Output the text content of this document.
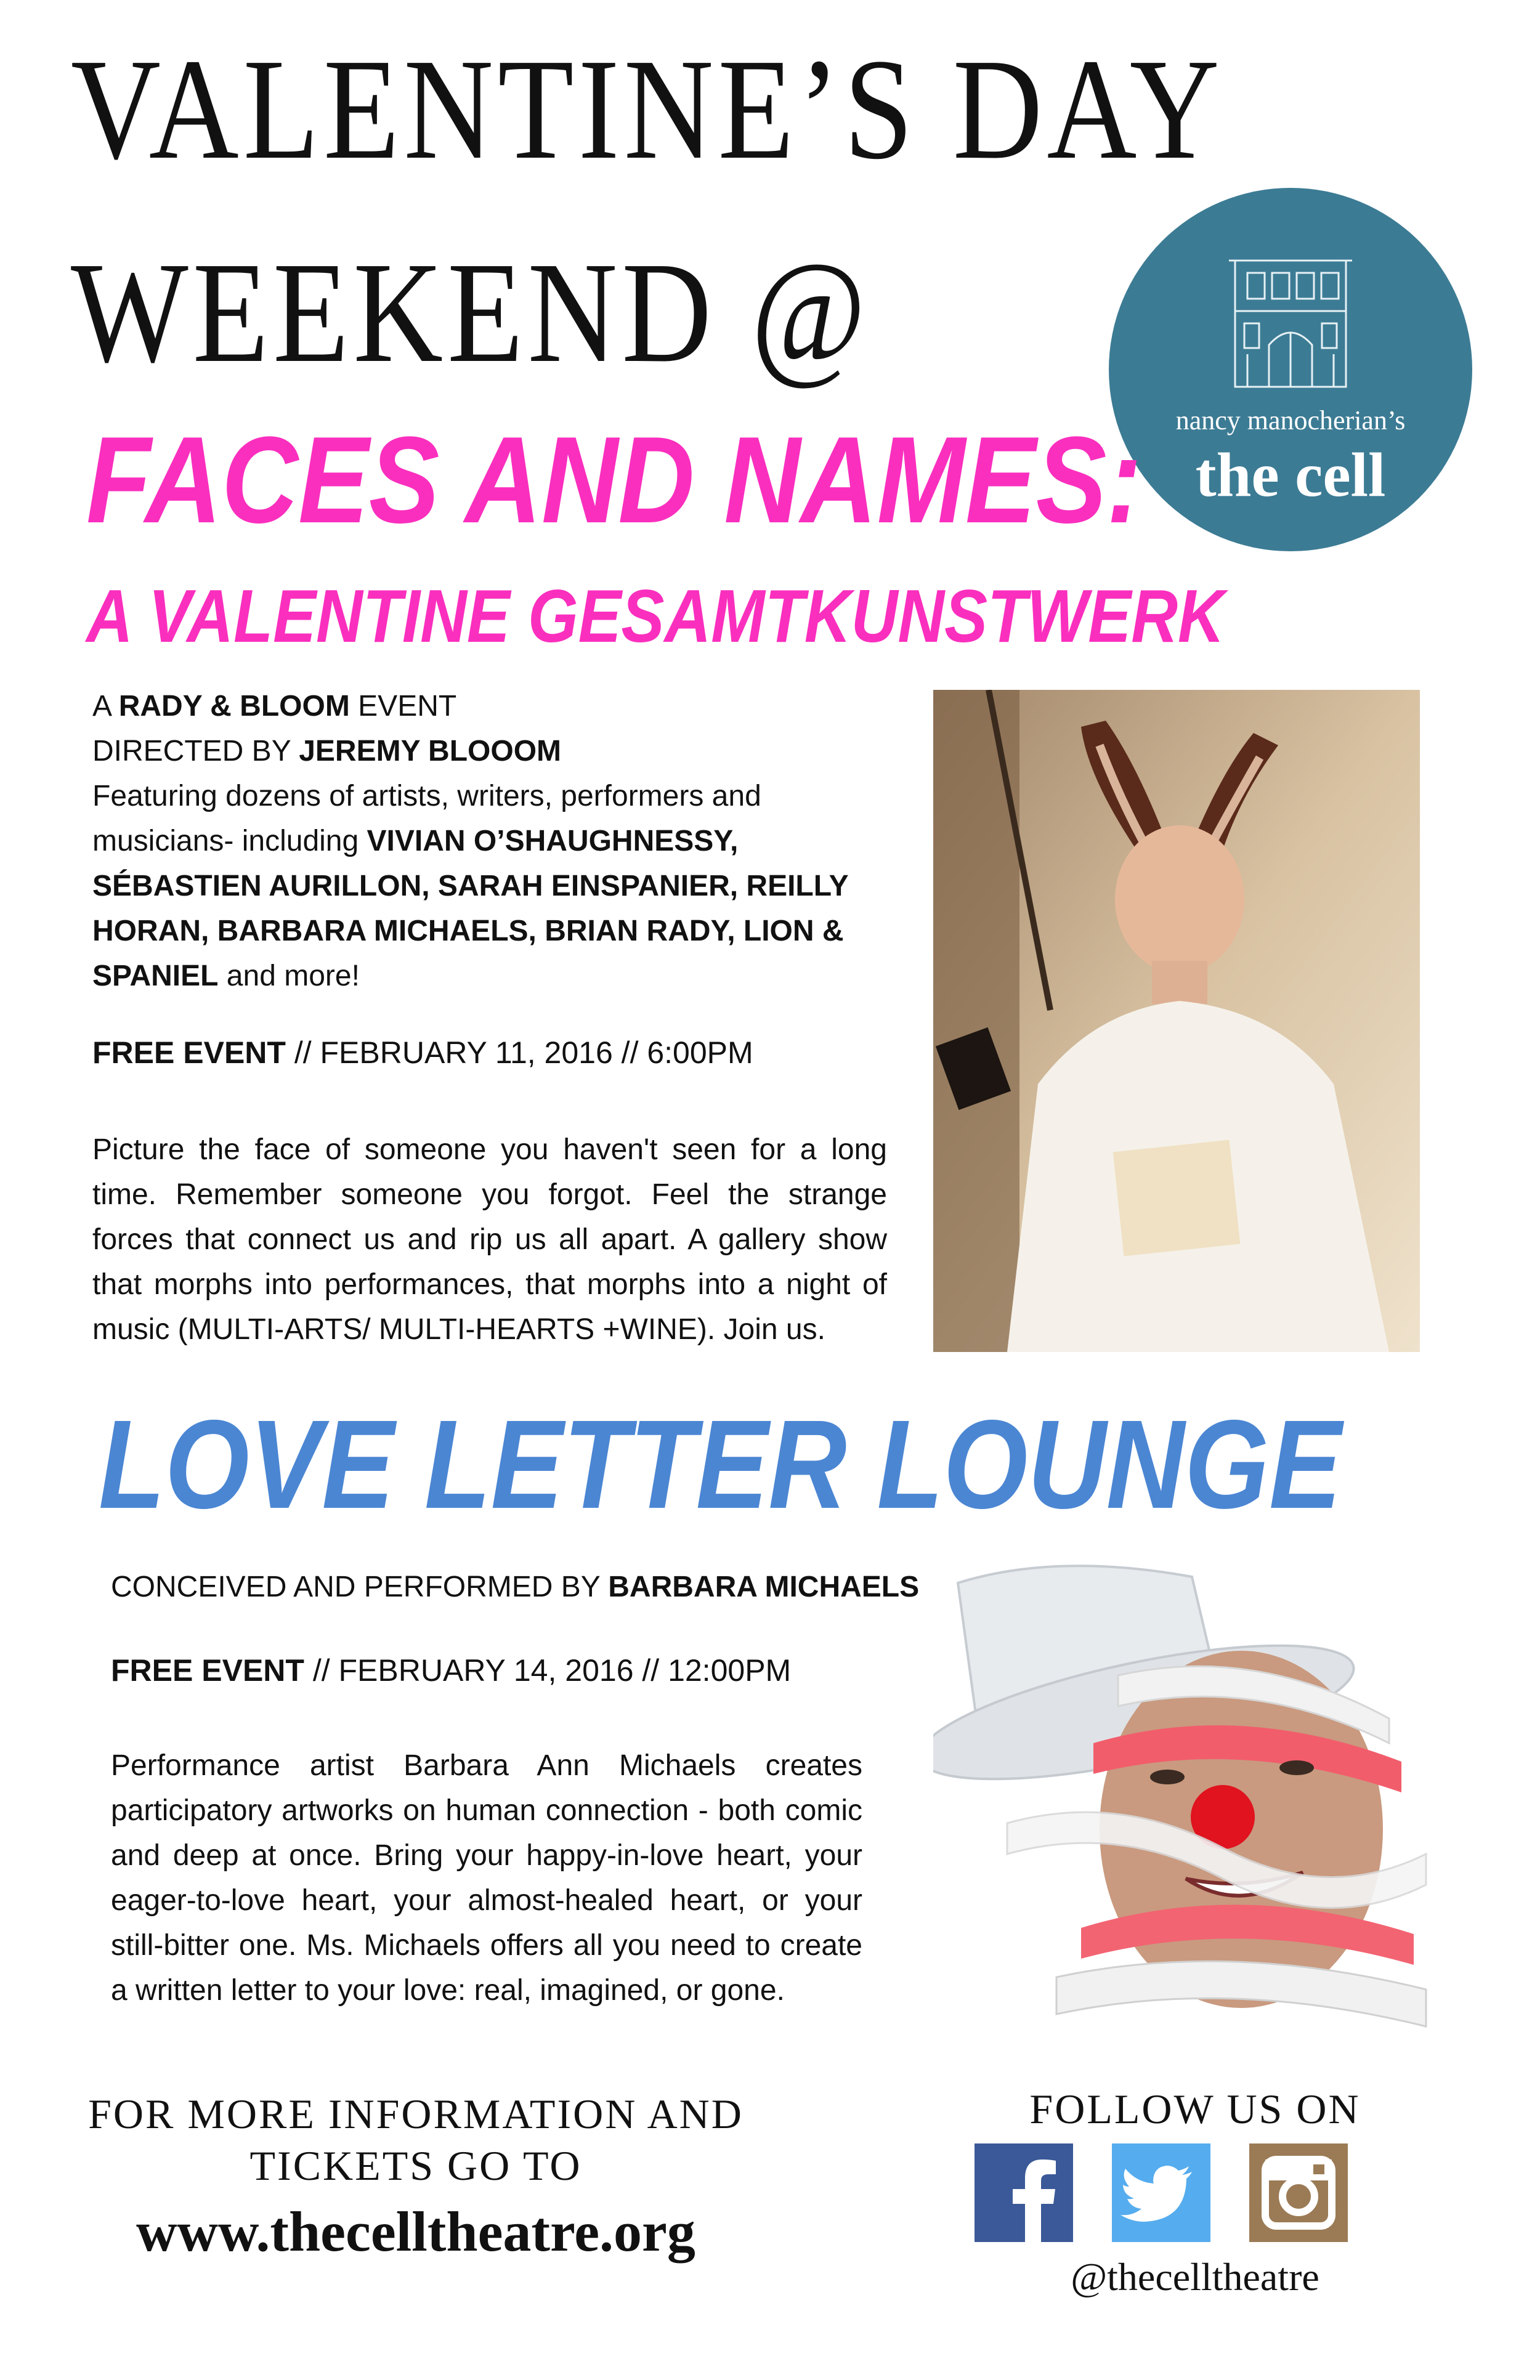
VALENTINE’S DAY
WEEKEND @
nancy manocherian’s
the cell
FACES AND NAMES:
A VALENTINE GESAMTKUNSTWERK
A RADY & BLOOM EVENT
DIRECTED BY JEREMY BLOOOM
Featuring dozens of artists, writers, performers and musicians- including VIVIAN O’SHAUGHNESSY, SÉBASTIEN AURILLON, SARAH EINSPANIER, REILLY HORAN, BARBARA MICHAELS, BRIAN RADY, LION & SPANIEL and more!
FREE EVENT // FEBRUARY 11, 2016 // 6:00PM
Picture the face of someone you haven't seen for a long time. Remember someone you forgot. Feel the strange forces that connect us and rip us all apart. A gallery show that morphs into performances, that morphs into a night of music (MULTI-ARTS/ MULTI-HEARTS +WINE). Join us.
LOVE LETTER LOUNGE
CONCEIVED AND PERFORMED BY BARBARA MICHAELS
FREE EVENT // FEBRUARY 14, 2016 // 12:00PM
Performance artist Barbara Ann Michaels creates participatory artworks on human connection - both comic and deep at once. Bring your happy-in-love heart, your eager-to-love heart, your almost-healed heart, or your still-bitter one. Ms. Michaels offers all you need to create a written letter to your love: real, imagined, or gone.
FOR MORE INFORMATION AND
TICKETS GO TO
www.thecelltheatre.org
FOLLOW US ON
@thecelltheatre
